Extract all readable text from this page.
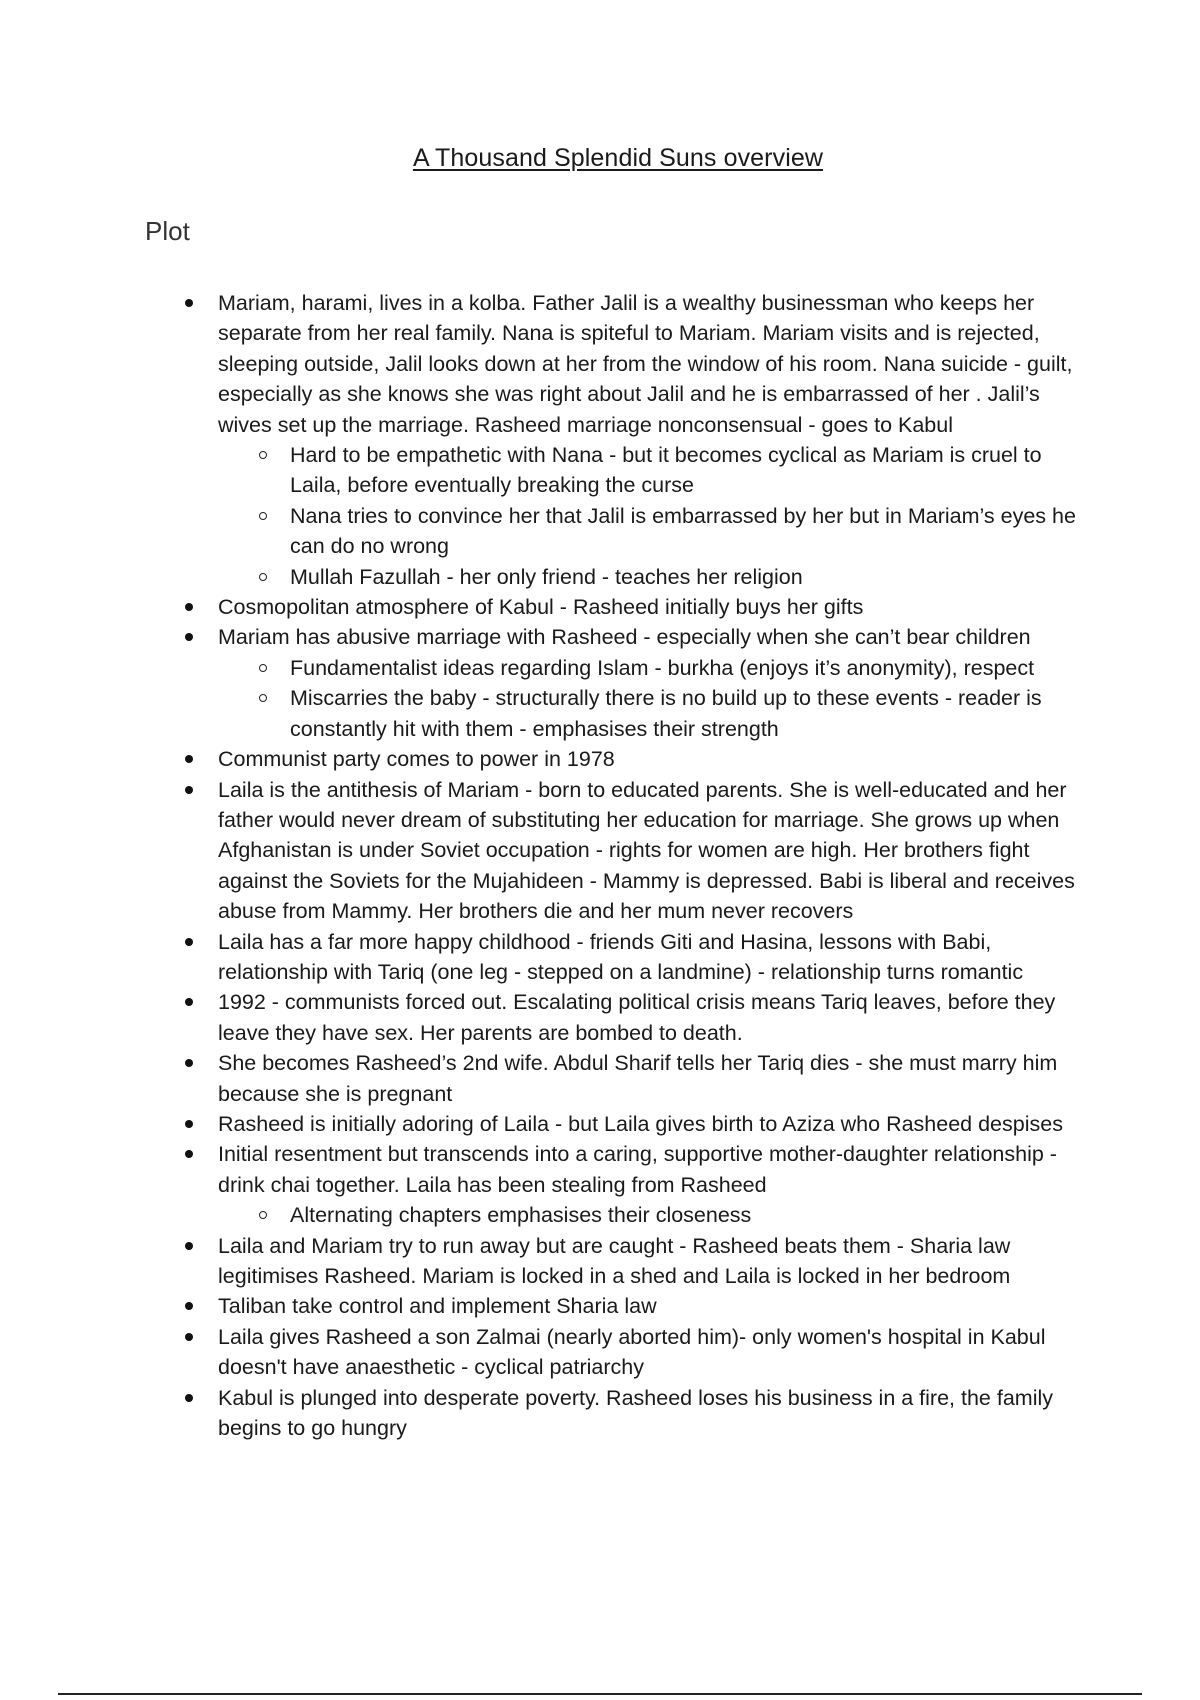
A Thousand Splendid Suns overview
Plot
Mariam, harami, lives in a kolba. Father Jalil is a wealthy businessman who keeps her separate from her real family. Nana is spiteful to Mariam. Mariam visits and is rejected, sleeping outside, Jalil looks down at her from the window of his room. Nana suicide - guilt, especially as she knows she was right about Jalil and he is embarrassed of her . Jalil’s wives set up the marriage. Rasheed marriage nonconsensual - goes to Kabul
Hard to be empathetic with Nana - but it becomes cyclical as Mariam is cruel to Laila, before eventually breaking the curse
Nana tries to convince her that Jalil is embarrassed by her but in Mariam’s eyes he can do no wrong
Mullah Fazullah - her only friend - teaches her religion
Cosmopolitan atmosphere of Kabul - Rasheed initially buys her gifts
Mariam has abusive marriage with Rasheed - especially when she can’t bear children
Fundamentalist ideas regarding Islam - burkha (enjoys it’s anonymity), respect
Miscarries the baby - structurally there is no build up to these events - reader is constantly hit with them - emphasises their strength
Communist party comes to power in 1978
Laila is the antithesis of Mariam - born to educated parents. She is well-educated and her father would never dream of substituting her education for marriage. She grows up when Afghanistan is under Soviet occupation - rights for women are high. Her brothers fight against the Soviets for the Mujahideen - Mammy is depressed. Babi is liberal and receives abuse from Mammy. Her brothers die and her mum never recovers
Laila has a far more happy childhood - friends Giti and Hasina, lessons with Babi, relationship with Tariq (one leg - stepped on a landmine) - relationship turns romantic
1992 - communists forced out. Escalating political crisis means Tariq leaves, before they leave they have sex. Her parents are bombed to death.
She becomes Rasheed’s 2nd wife. Abdul Sharif tells her Tariq dies - she must marry him because she is pregnant
Rasheed is initially adoring of Laila - but Laila gives birth to Aziza who Rasheed despises
Initial resentment but transcends into a caring, supportive mother-daughter relationship - drink chai together. Laila has been stealing from Rasheed
Alternating chapters emphasises their closeness
Laila and Mariam try to run away but are caught - Rasheed beats them - Sharia law legitimises Rasheed. Mariam is locked in a shed and Laila is locked in her bedroom
Taliban take control and implement Sharia law
Laila gives Rasheed a son Zalmai (nearly aborted him)- only women's hospital in Kabul doesn't have anaesthetic - cyclical patriarchy
Kabul is plunged into desperate poverty. Rasheed loses his business in a fire, the family begins to go hungry
